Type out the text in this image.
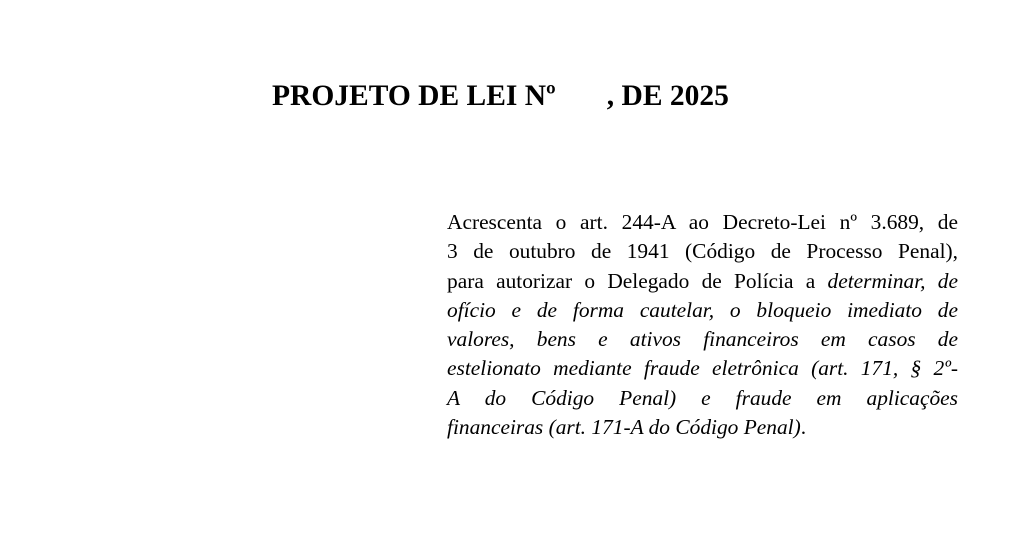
PROJETO DE LEI Nº , DE 2025
Acrescenta o art. 244-A ao Decreto-Lei nº 3.689, de
3 de outubro de 1941 (Código de Processo Penal),
para autorizar o Delegado de Polícia a determinar, de
ofício e de forma cautelar, o bloqueio imediato de
valores, bens e ativos financeiros em casos de
estelionato mediante fraude eletrônica (art. 171, § 2º-
A do Código Penal) e fraude em aplicações
financeiras (art. 171-A do Código Penal).
